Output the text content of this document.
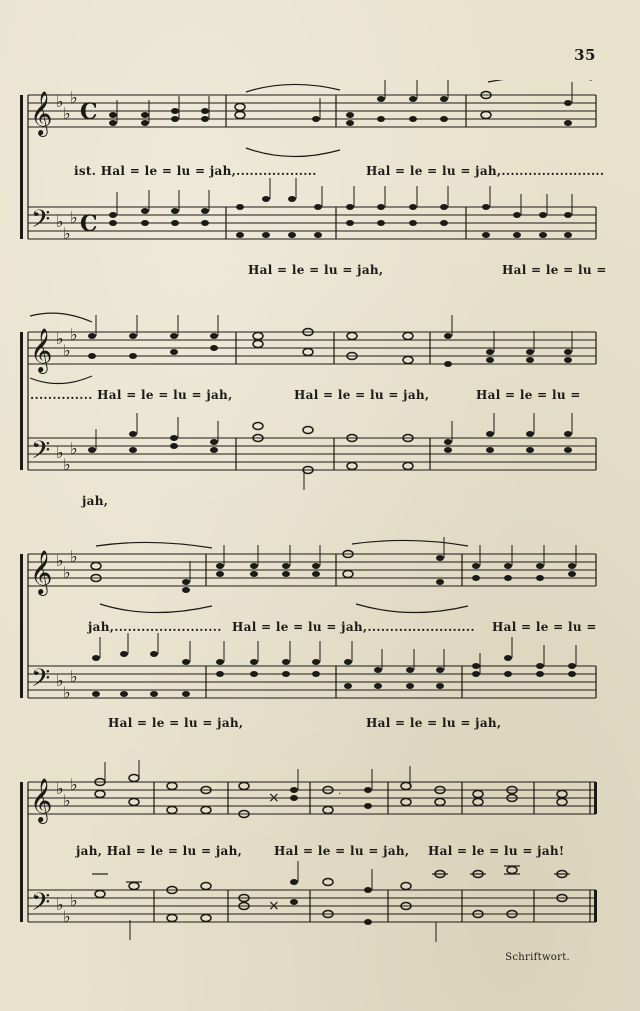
35
𝄞
𝄢
♭
♭
♭
♭
♭
♭
C
C
ist. Hal = le = lu = jah,..................	Hal = le = lu = jah,.......................
Hal = le = lu = jah,	Hal = le = lu =
𝄞
𝄢
♭
♭
♭
♭
♭
♭
.............. Hal = le = lu = jah,	Hal = le = lu = jah,	Hal = le = lu =
jah,
𝄞
𝄢
♭
♭
♭
♭
♭
♭
jah,........................ Hal = le = lu = jah,........................ Hal = le = lu =
Hal = le = lu = jah,	Hal = le = lu = jah,
𝄞
𝄢
♭
♭
♭
♭
♭
♭
×	.
×
jah, Hal = le = lu = jah,	Hal = le = lu = jah, Hal = le = lu = jah!
Schriftwort.
